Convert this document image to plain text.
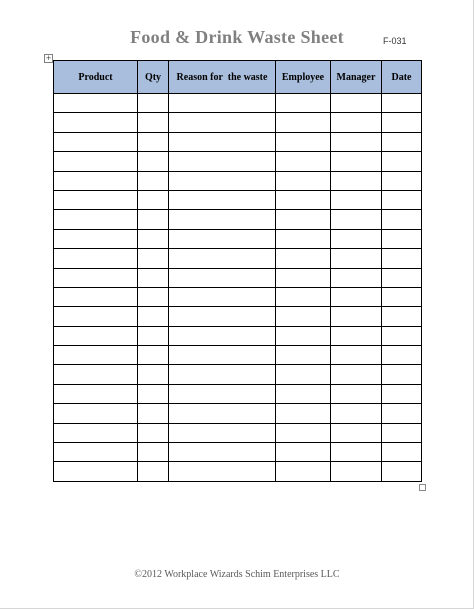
Food & Drink Waste Sheet	F-031
+
Product	Qty	Reason for  the waste	Employee	Manager	Date

©2012 Workplace Wizards Schim Enterprises LLC
